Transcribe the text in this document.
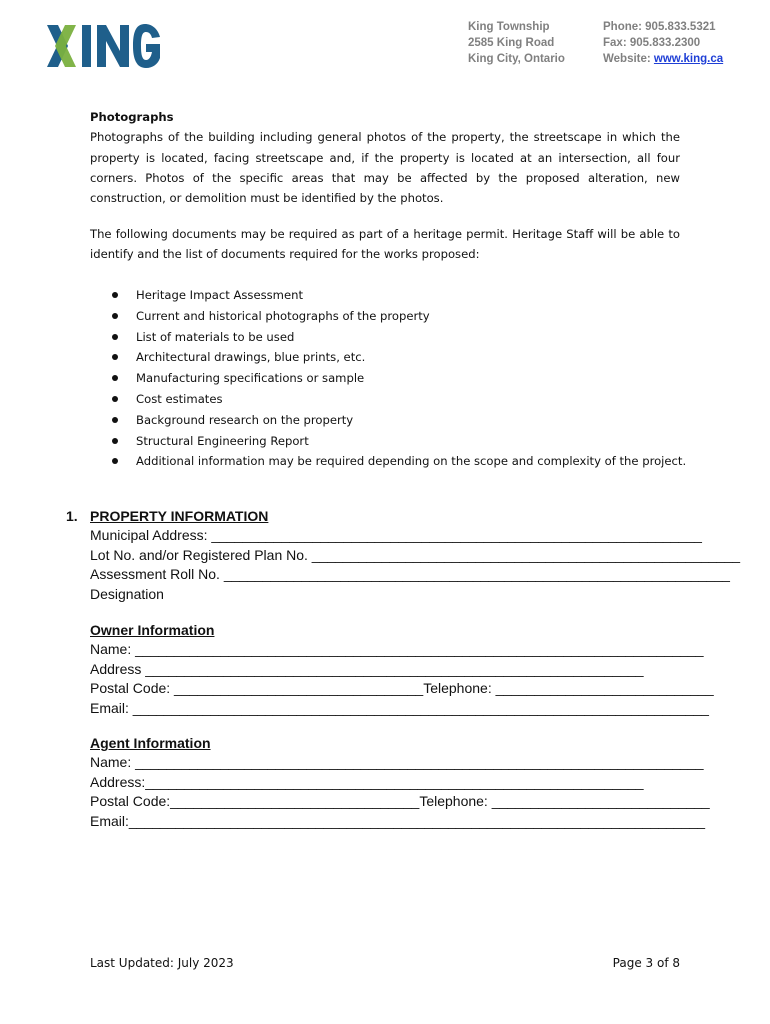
King Township
2585 King Road
King City, Ontario
Phone: 905.833.5321
Fax: 905.833.2300
Website: www.king.ca
Photographs
Photographs of the building including general photos of the property, the streetscape in which the property is located, facing streetscape and, if the property is located at an intersection, all four corners. Photos of the specific areas that may be affected by the proposed alteration, new construction, or demolition must be identified by the photos.
The following documents may be required as part of a heritage permit. Heritage Staff will be able to identify and the list of documents required for the works proposed:
Heritage Impact Assessment
Current and historical photographs of the property
List of materials to be used
Architectural drawings, blue prints, etc.
Manufacturing specifications or sample
Cost estimates
Background research on the property
Structural Engineering Report
Additional information may be required depending on the scope and complexity of the project.
1. PROPERTY INFORMATION
Municipal Address: _______________________________________________________________
Lot No. and/or Registered Plan No. _______________________________________________________
Assessment Roll No. _________________________________________________________________
Designation
Owner Information
Name: _________________________________________________________________________
Address ________________________________________________________________
Postal Code: ________________________________Telephone: ____________________________
Email: __________________________________________________________________________
Agent Information
Name: _________________________________________________________________________
Address:________________________________________________________________
Postal Code:________________________________Telephone: ____________________________
Email:__________________________________________________________________________
Last Updated: July 2023	Page 3 of 8
